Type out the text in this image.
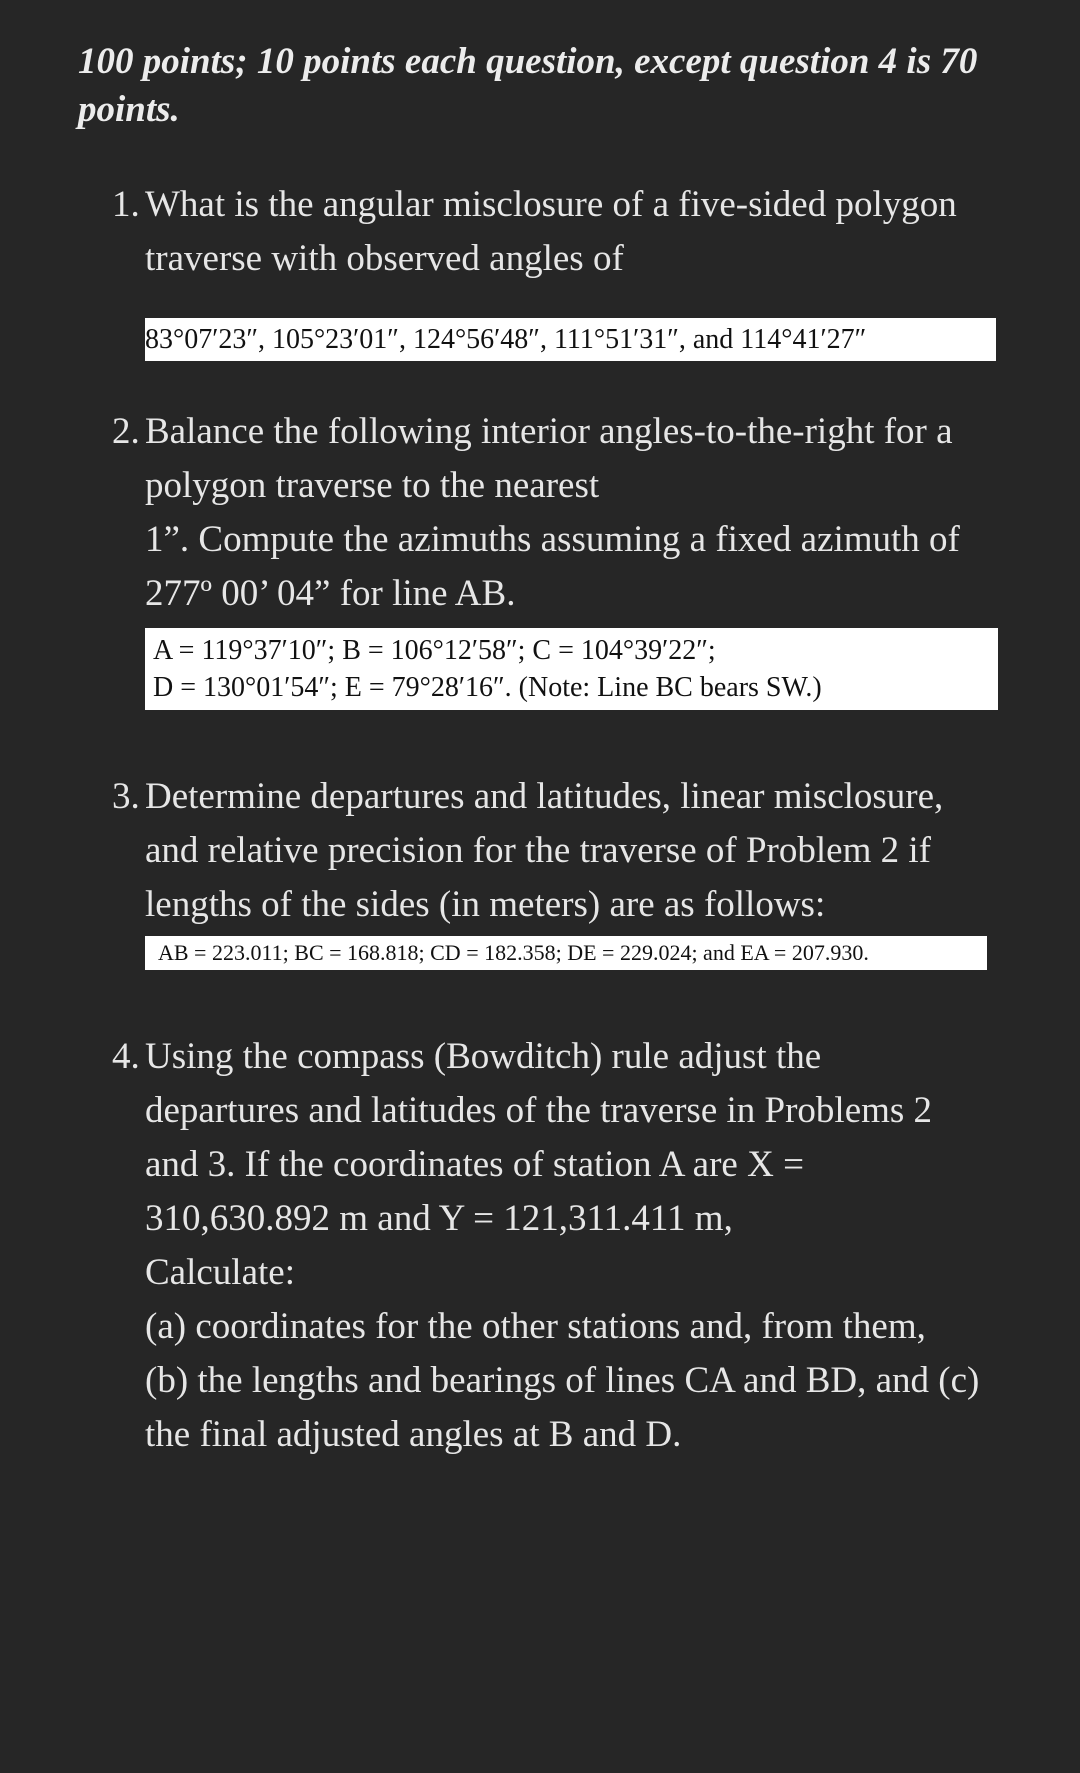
100 points; 10 points each question, except question 4 is 70
points.
1. What is the angular misclosure of a five-sided polygon
traverse with observed angles of
83°07′23″, 105°23′01″, 124°56′48″, 111°51′31″, and 114°41′27″
2. Balance the following interior angles-to-the-right for a
polygon traverse to the nearest
1”. Compute the azimuths assuming a fixed azimuth of
277º 00’ 04” for line AB.
A = 119°37′10″; B = 106°12′58″; C = 104°39′22″;
D = 130°01′54″; E = 79°28′16″. (Note: Line BC bears SW.)
3. Determine departures and latitudes, linear misclosure,
and relative precision for the traverse of Problem 2 if
lengths of the sides (in meters) are as follows:
AB = 223.011; BC = 168.818; CD = 182.358; DE = 229.024; and EA = 207.930.
4. Using the compass (Bowditch) rule adjust the
departures and latitudes of the traverse in Problems 2
and 3. If the coordinates of station A are X =
310,630.892 m and Y = 121,311.411 m,
Calculate:
(a) coordinates for the other stations and, from them,
(b) the lengths and bearings of lines CA and BD, and (c)
the final adjusted angles at B and D.
